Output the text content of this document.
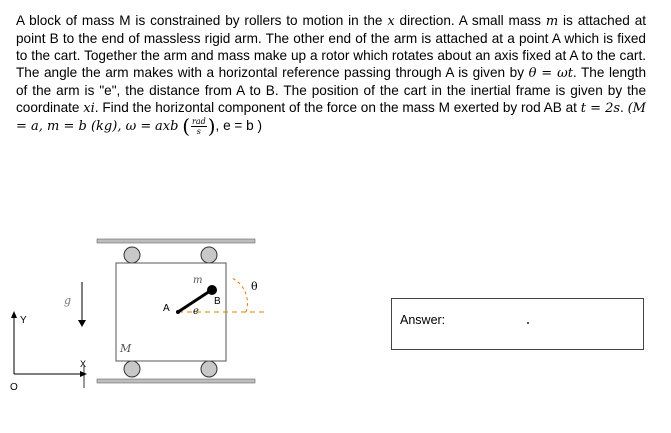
A block of mass M is constrained by rollers to motion in the x direction. A small mass m is attached at point B to the end of massless rigid arm. The other end of the arm is attached at a point A which is fixed to the cart. Together the arm and mass make up a rotor which rotates about an axis fixed at A to the cart. The angle the arm makes with a horizontal reference passing through A is given by θ = ωt. The length of the arm is "e", the distance from A to B. The position of the cart in the inertial frame is given by the coordinate xi. Find the horizontal component of the force on the mass M exerted by rod AB at t = 2s. (M = a, m = b (kg), ω = axb ( $\frac{\text{rad}}{s}$ ), e = b )

m
A
B
e
θ
M
g
Y
X
O
Answer:
